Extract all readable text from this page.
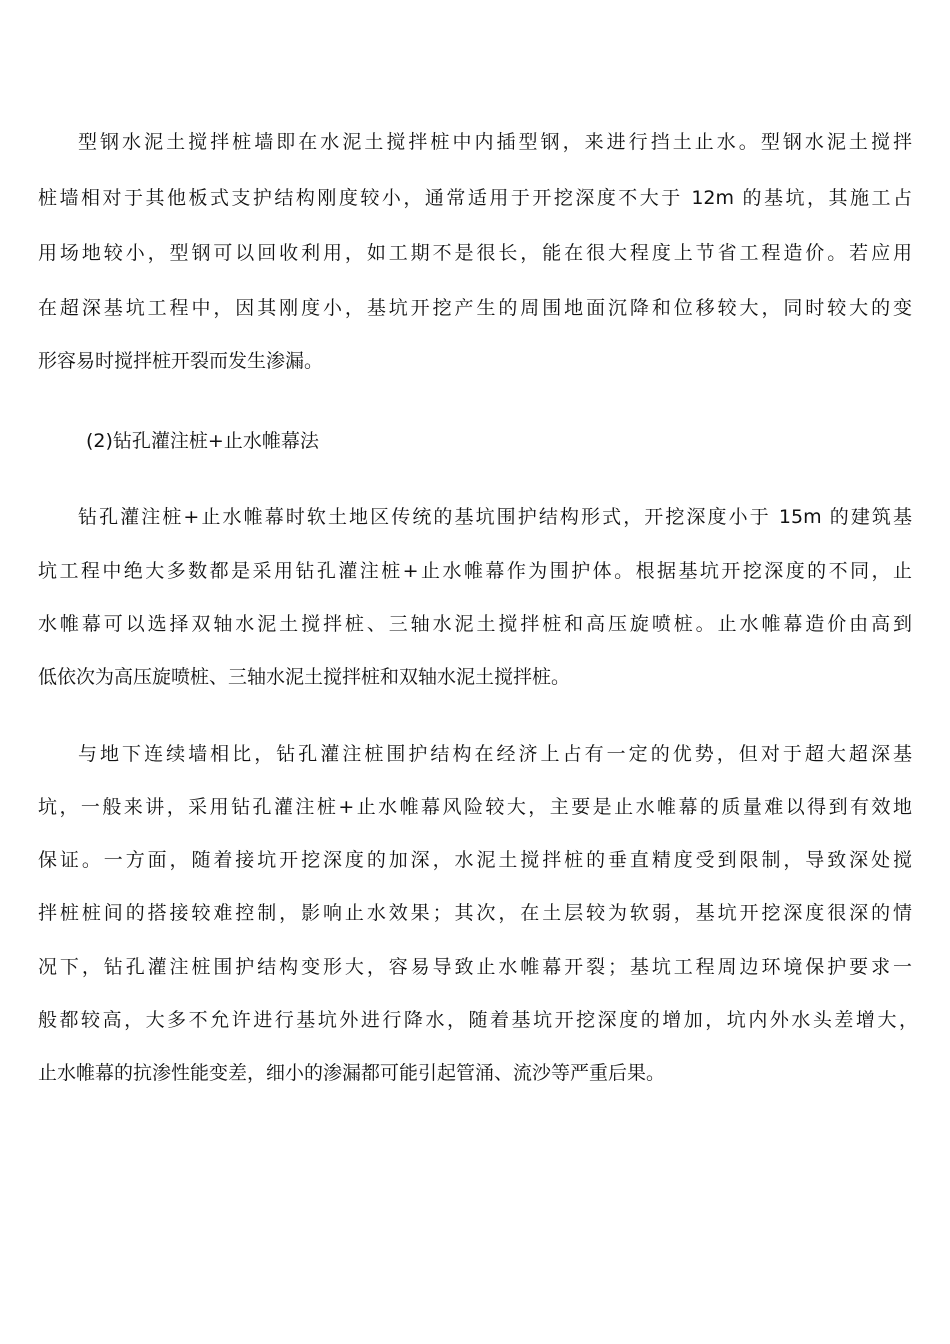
型钢水泥土搅拌桩墙即在水泥土搅拌桩中内插型钢，来进行挡土止水。型钢水泥土搅拌
桩墙相对于其他板式支护结构刚度较小，通常适用于开挖深度不大于 12m 的基坑，其施工占
用场地较小，型钢可以回收利用，如工期不是很长，能在很大程度上节省工程造价。若应用
在超深基坑工程中，因其刚度小，基坑开挖产生的周围地面沉降和位移较大，同时较大的变
形容易时搅拌桩开裂而发生渗漏。
(2)钻孔灌注桩+止水帷幕法
钻孔灌注桩+止水帷幕时软土地区传统的基坑围护结构形式，开挖深度小于 15m 的建筑基
坑工程中绝大多数都是采用钻孔灌注桩+止水帷幕作为围护体。根据基坑开挖深度的不同，止
水帷幕可以选择双轴水泥土搅拌桩、三轴水泥土搅拌桩和高压旋喷桩。止水帷幕造价由高到
低依次为高压旋喷桩、三轴水泥土搅拌桩和双轴水泥土搅拌桩。
与地下连续墙相比，钻孔灌注桩围护结构在经济上占有一定的优势，但对于超大超深基
坑，一般来讲，采用钻孔灌注桩+止水帷幕风险较大，主要是止水帷幕的质量难以得到有效地
保证。一方面，随着接坑开挖深度的加深，水泥土搅拌桩的垂直精度受到限制，导致深处搅
拌桩桩间的搭接较难控制，影响止水效果；其次，在土层较为软弱，基坑开挖深度很深的情
况下，钻孔灌注桩围护结构变形大，容易导致止水帷幕开裂；基坑工程周边环境保护要求一
般都较高，大多不允许进行基坑外进行降水，随着基坑开挖深度的增加，坑内外水头差增大，
止水帷幕的抗渗性能变差，细小的渗漏都可能引起管涌、流沙等严重后果。
